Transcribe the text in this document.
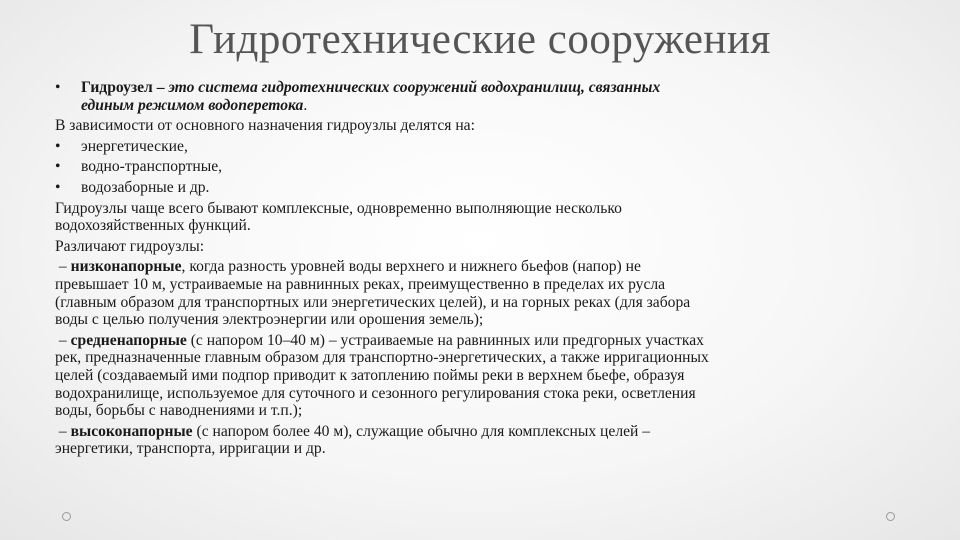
Гидротехнические сооружения
• Гидроузел – это система гидротехнических сооружений водохранилищ, связанных
единым режимом водоперетока.
В зависимости от основного назначения гидроузлы делятся на:
• энергетические,
• водно-транспортные,
• водозаборные и др.
Гидроузлы чаще всего бывают комплексные, одновременно выполняющие несколько
водохозяйственных функций.
Различают гидроузлы:
– низконапорные, когда разность уровней воды верхнего и нижнего бьефов (напор) не
превышает 10 м, устраиваемые на равнинных реках, преимущественно в пределах их русла
(главным образом для транспортных или энергетических целей), и на горных реках (для забора
воды с целью получения электроэнергии или орошения земель);
– средненапорные (с напором 10–40 м) – устраиваемые на равнинных или предгорных участках
рек, предназначенные главным образом для транспортно-энергетических, а также ирригационных
целей (создаваемый ими подпор приводит к затоплению поймы реки в верхнем бьефе, образуя
водохранилище, используемое для суточного и сезонного регулирования стока реки, осветления
воды, борьбы с наводнениями и т.п.);
– высоконапорные (с напором более 40 м), служащие обычно для комплексных целей –
энергетики, транспорта, ирригации и др.
